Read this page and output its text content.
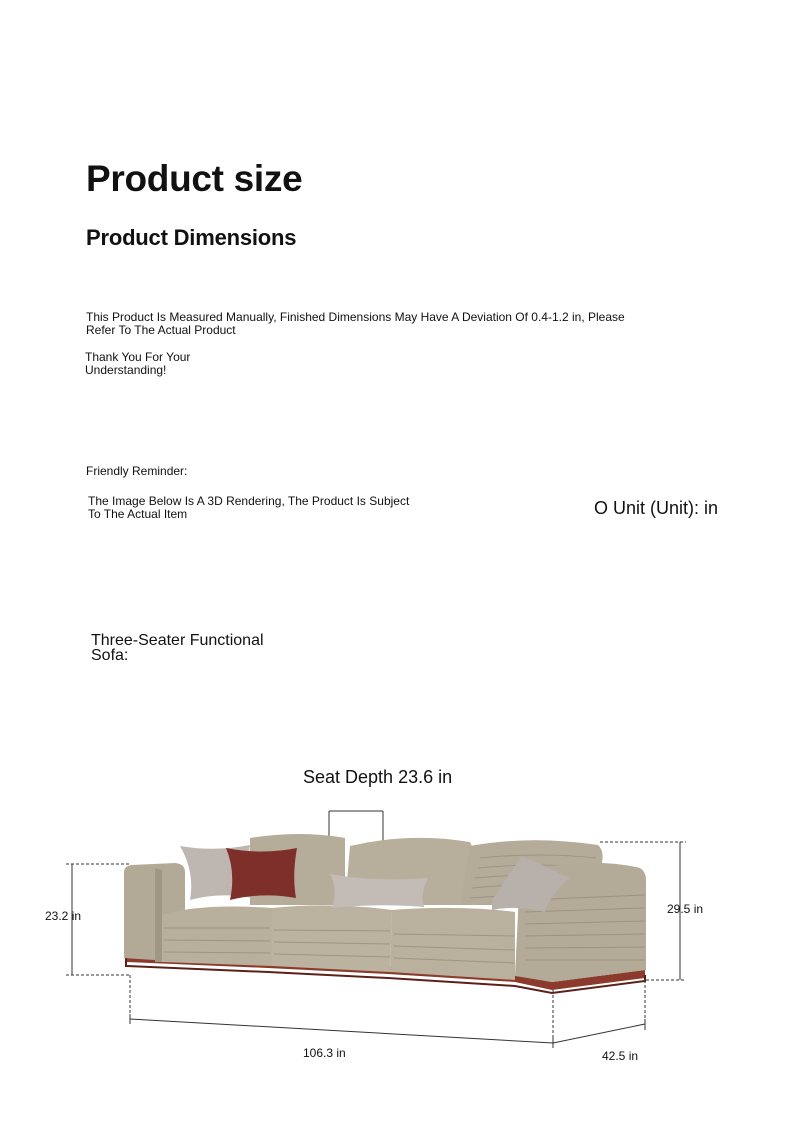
Product size
Product Dimensions
This Product Is Measured Manually, Finished Dimensions May Have A Deviation Of 0.4-1.2 in, Please Refer To The Actual Product
Thank You For Your Understanding!
Friendly Reminder:
The Image Below Is A 3D Rendering, The Product Is Subject To The Actual Item	O Unit (Unit): in
Three-Seater Functional Sofa:
Seat Depth 23.6 in
23.2 in	29.5 in
106.3 in	42.5 in
